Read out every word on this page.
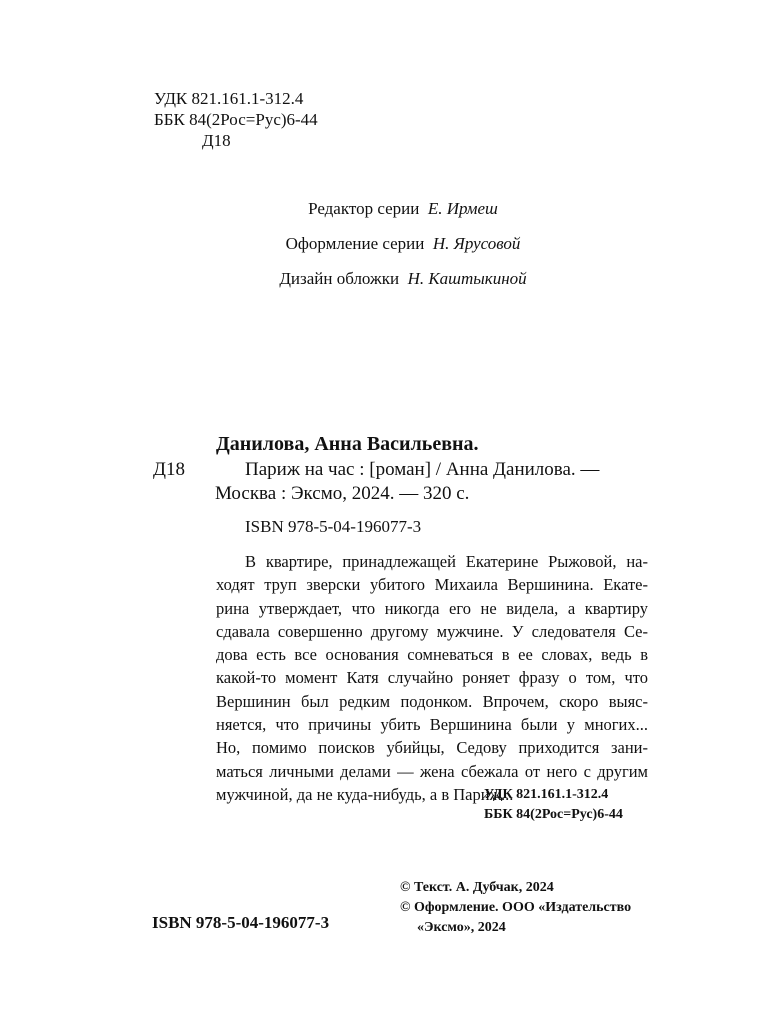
УДК 821.161.1-312.4
ББК 84(2Рос=Рус)6-44
Д18
Редактор серии Е. Ирмеш
Оформление серии Н. Ярусовой
Дизайн обложки Н. Каштыкиной
Данилова, Анна Васильевна.
Д18	Париж на час : [роман] / Анна Данилова. —
Москва : Эксмо, 2024. — 320 с.
ISBN 978-5-04-196077-3
В квартире, принадлежащей Екатерине Рыжовой, на-
ходят труп зверски убитого Михаила Вершинина. Екате-
рина утверждает, что никогда его не видела, а квартиру
сдавала совершенно другому мужчине. У следователя Се-
дова есть все основания сомневаться в ее словах, ведь в
какой-то момент Катя случайно роняет фразу о том, что
Вершинин был редким подонком. Впрочем, скоро выяс-
няется, что причины убить Вершинина были у многих...
Но, помимо поисков убийцы, Седову приходится зани-
маться личными делами — жена сбежала от него с другим
мужчиной, да не куда-нибудь, а в Париж...
УДК 821.161.1-312.4
ББК 84(2Рос=Рус)6-44
ISBN 978-5-04-196077-3
© Текст. А. Дубчак, 2024
© Оформление. ООО «Издательство
«Эксмо», 2024
